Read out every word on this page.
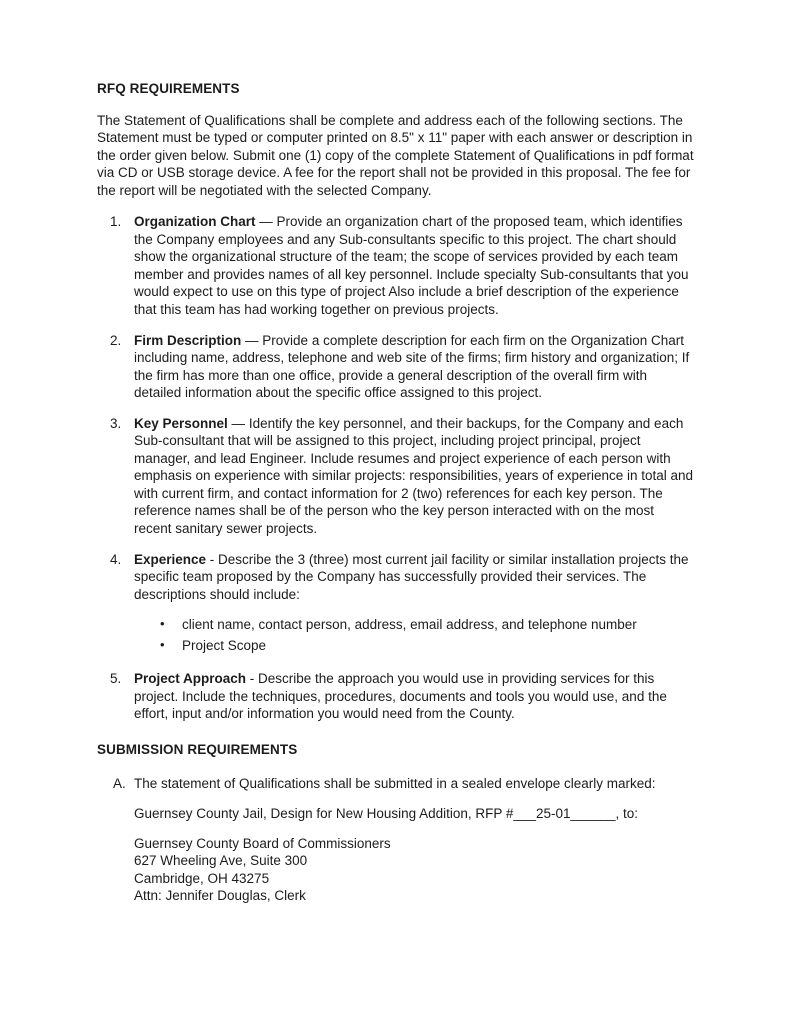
RFQ REQUIREMENTS

The Statement of Qualifications shall be complete and address each of the following sections. The Statement must be typed or computer printed on 8.5" x 11" paper with each answer or description in the order given below. Submit one (1) copy of the complete Statement of Qualifications in pdf format via CD or USB storage device. A fee for the report shall not be provided in this proposal. The fee for the report will be negotiated with the selected Company.

1. Organization Chart — Provide an organization chart of the proposed team, which identifies the Company employees and any Sub-consultants specific to this project. The chart should show the organizational structure of the team; the scope of services provided by each team member and provides names of all key personnel. Include specialty Sub-consultants that you would expect to use on this type of project Also include a brief description of the experience that this team has had working together on previous projects.
2. Firm Description — Provide a complete description for each firm on the Organization Chart including name, address, telephone and web site of the firms; firm history and organization; If the firm has more than one office, provide a general description of the overall firm with detailed information about the specific office assigned to this project.
3. Key Personnel — Identify the key personnel, and their backups, for the Company and each Sub-consultant that will be assigned to this project, including project principal, project manager, and lead Engineer. Include resumes and project experience of each person with emphasis on experience with similar projects: responsibilities, years of experience in total and with current firm, and contact information for 2 (two) references for each key person. The reference names shall be of the person who the key person interacted with on the most recent sanitary sewer projects.
4. Experience - Describe the 3 (three) most current jail facility or similar installation projects the specific team proposed by the Company has successfully provided their services. The descriptions should include:
•	client name, contact person, address, email address, and telephone number
•	Project Scope
5. Project Approach - Describe the approach you would use in providing services for this project. Include the techniques, procedures, documents and tools you would use, and the effort, input and/or information you would need from the County.

SUBMISSION REQUIREMENTS

A. The statement of Qualifications shall be submitted in a sealed envelope clearly marked:

Guernsey County Jail, Design for New Housing Addition, RFP #___25-01______, to:

Guernsey County Board of Commissioners

627 Wheeling Ave, Suite 300

Cambridge, OH 43275

Attn: Jennifer Douglas, Clerk
